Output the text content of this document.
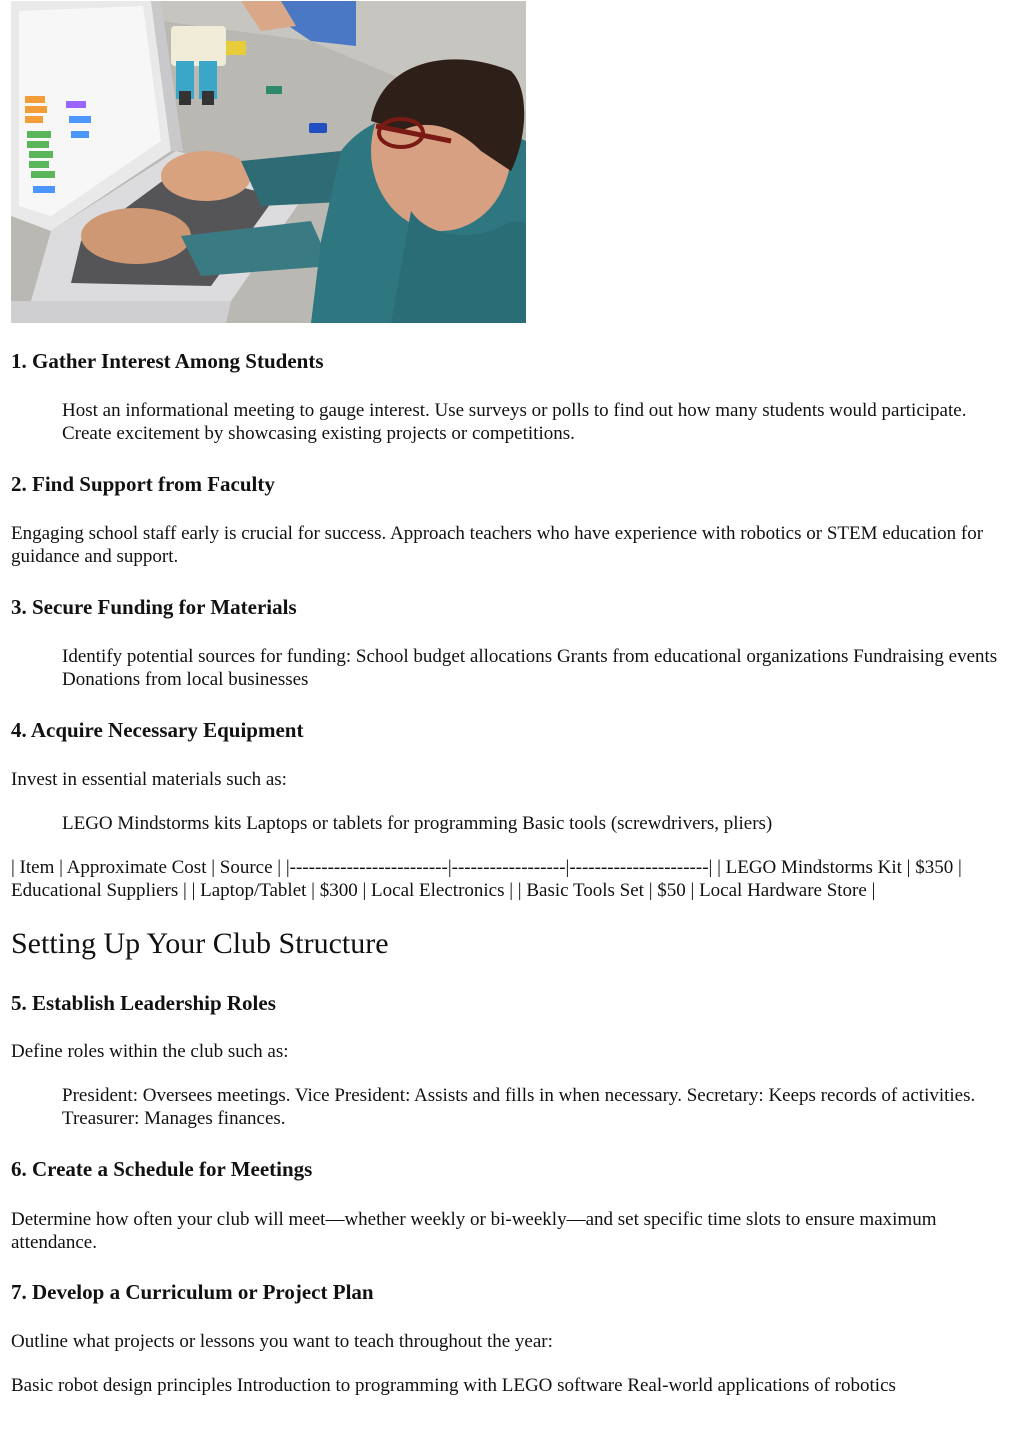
1. Gather Interest Among Students

Host an informational meeting to gauge interest. Use surveys or polls to find out how many students would participate. Create excitement by showcasing existing projects or competitions.

2. Find Support from Faculty

Engaging school staff early is crucial for success. Approach teachers who have experience with robotics or STEM education for guidance and support.

3. Secure Funding for Materials

Identify potential sources for funding: School budget allocations Grants from educational organizations Fundraising events Donations from local businesses

4. Acquire Necessary Equipment

Invest in essential materials such as:

LEGO Mindstorms kits Laptops or tablets for programming Basic tools (screwdrivers, pliers)

| Item | Approximate Cost | Source | |-------------------------|------------------|----------------------| | LEGO Mindstorms Kit | $350 | Educational Suppliers | | Laptop/Tablet | $300 | Local Electronics | | Basic Tools Set | $50 | Local Hardware Store |

Setting Up Your Club Structure
5. Establish Leadership Roles

Define roles within the club such as:

President: Oversees meetings. Vice President: Assists and fills in when necessary. Secretary: Keeps records of activities. Treasurer: Manages finances.

6. Create a Schedule for Meetings

Determine how often your club will meet—whether weekly or bi-weekly—and set specific time slots to ensure maximum attendance.

7. Develop a Curriculum or Project Plan

Outline what projects or lessons you want to teach throughout the year:

Basic robot design principles Introduction to programming with LEGO software Real-world applications of robotics
